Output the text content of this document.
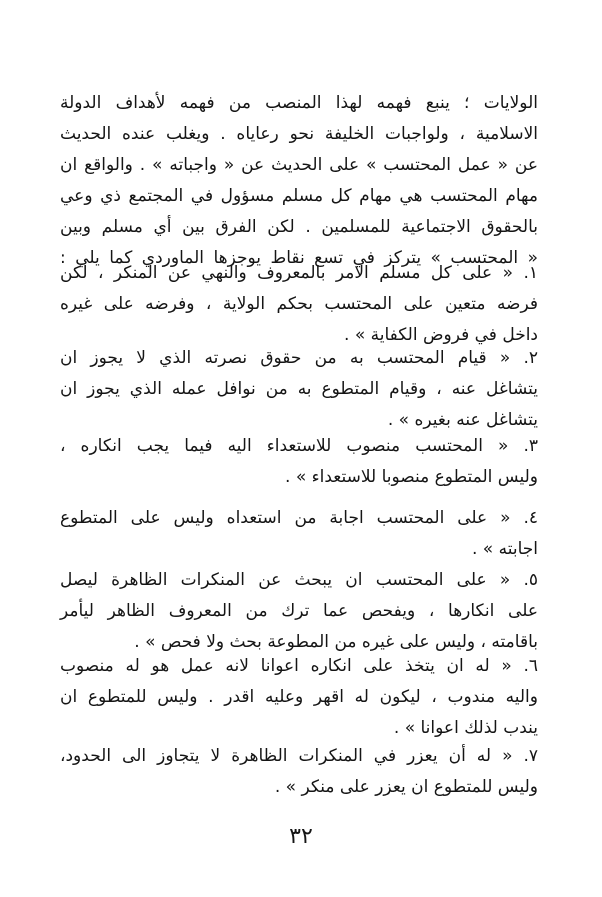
الولايات ؛ ينبع فهمه لهذا المنصب من فهمه لأهداف الدولة
الاسلامية ، ولواجبات الخليفة نحو رعاياه . ويغلب عنده الحديث
عن « عمل المحتسب » على الحديث عن « واجباته » . والواقع ان
مهام المحتسب هي مهام كل مسلم مسؤول في المجتمع ذي وعي
بالحقوق الاجتماعية للمسلمين . لكن الفرق بين أي مسلم وبين
« المحتسب » يتركز في تسع نقاط يوجزها الماوردي كما يلي :
١. « على كل مسلم الامر بالمعروف والنهي عن المنكر ، لكن
فرضه متعين على المحتسب بحكم الولاية ، وفرضه على غيره
داخل في فروض الكفاية » .
٢. « قيام المحتسب به من حقوق نصرته الذي لا يجوز ان
يتشاغل عنه ، وقيام المتطوع به من نوافل عمله الذي يجوز ان
يتشاغل عنه بغيره » .
٣. « المحتسب منصوب للاستعداء اليه فيما يجب انكاره ،
وليس المتطوع منصوبا للاستعداء » .
٤. « على المحتسب اجابة من استعداه وليس على المتطوع
اجابته » .
٥. « على المحتسب ان يبحث عن المنكرات الظاهرة ليصل
على انكارها ، ويفحص عما ترك من المعروف الظاهر ليأمر
باقامته ، وليس على غيره من المطوعة بحث ولا فحص » .
٦. « له ان يتخذ على انكاره اعوانا لانه عمل هو له منصوب
واليه مندوب ، ليكون له اقهر وعليه اقدر . وليس للمتطوع ان
يندب لذلك اعوانا » .
٧. « له أن يعزر في المنكرات الظاهرة لا يتجاوز الى الحدود،
وليس للمتطوع ان يعزر على منكر » .
٣٢
